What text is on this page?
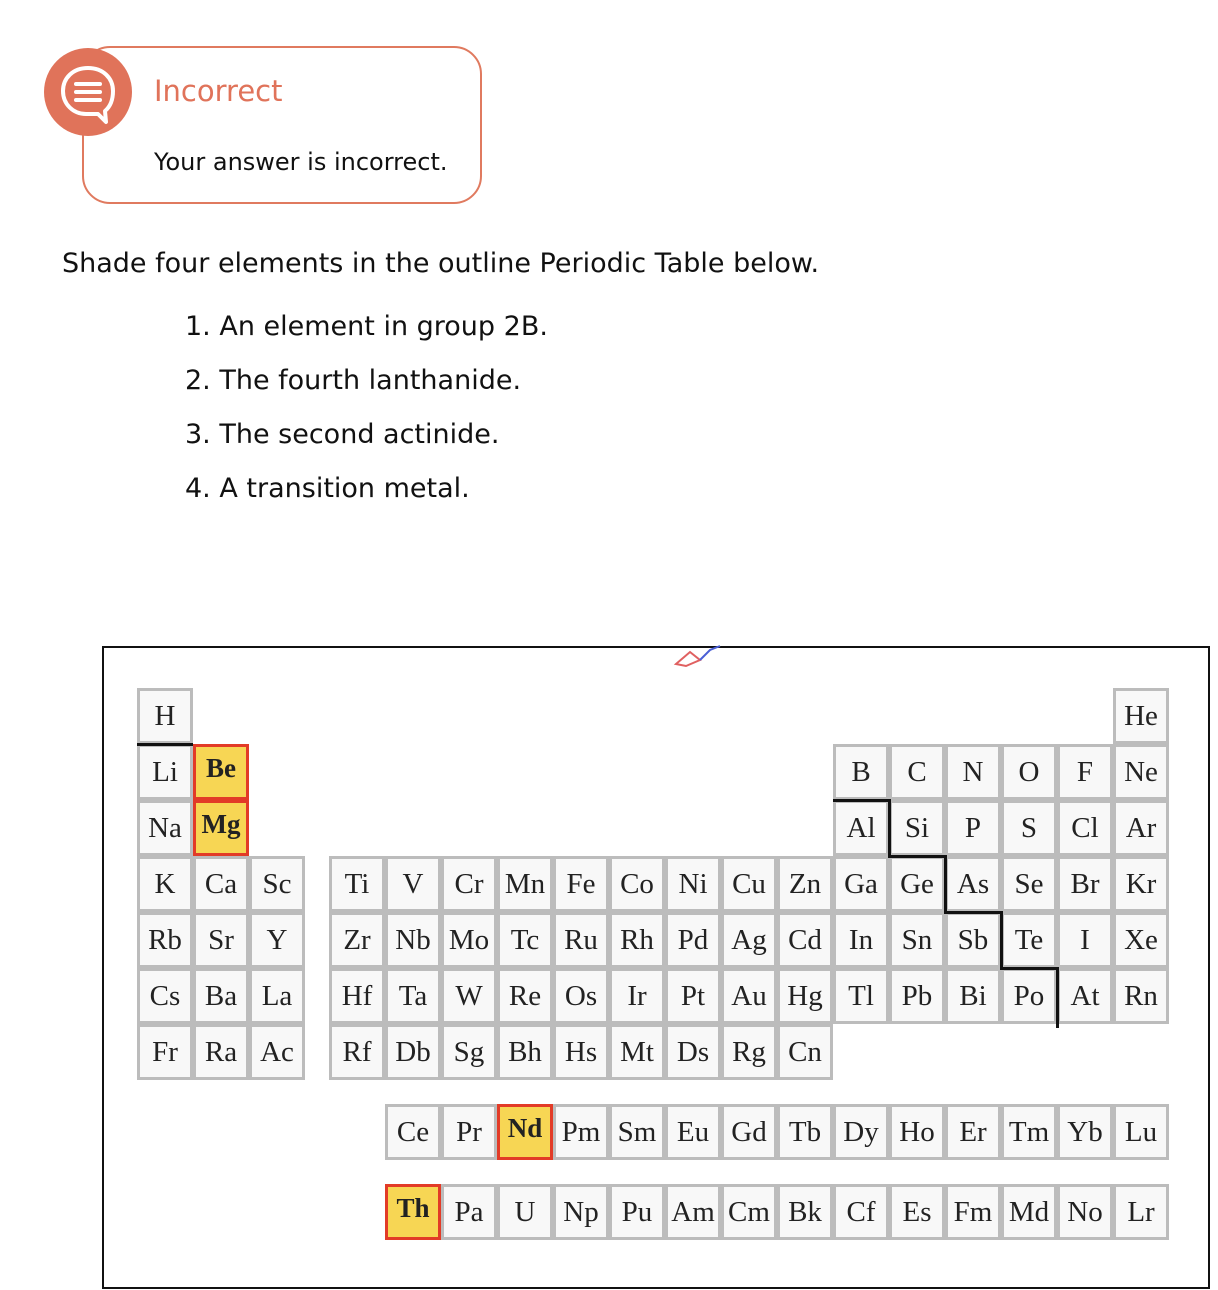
Incorrect
Your answer is incorrect.
Shade four elements in the outline Periodic Table below.
1. An element in group 2B.
2. The fourth lanthanide.
3. The second actinide.
4. A transition metal.
H	He
Li	Be	B	C	N	O	F	Ne
Na Mg	Al	Si	P	S	Cl Ar
K	Ca Sc	Ti	V	Cr Mn Fe Co Ni Cu Zn Ga Ge As Se Br Kr
Rb Sr	Y	Zr Nb Mo Tc Ru Rh Pd Ag Cd In Sn Sb Te	I	Xe
Cs Ba La	Hf Ta W Re Os	Ir	Pt Au Hg Tl Pb Bi Po At Rn
Fr Ra Ac	Rf Db Sg Bh Hs Mt Ds Rg Cn
Ce Pr Nd Pm Sm Eu Gd Tb Dy Ho Er Tm Yb Lu
Th Pa	U Np Pu Am Cm Bk Cf Es Fm Md No Lr
